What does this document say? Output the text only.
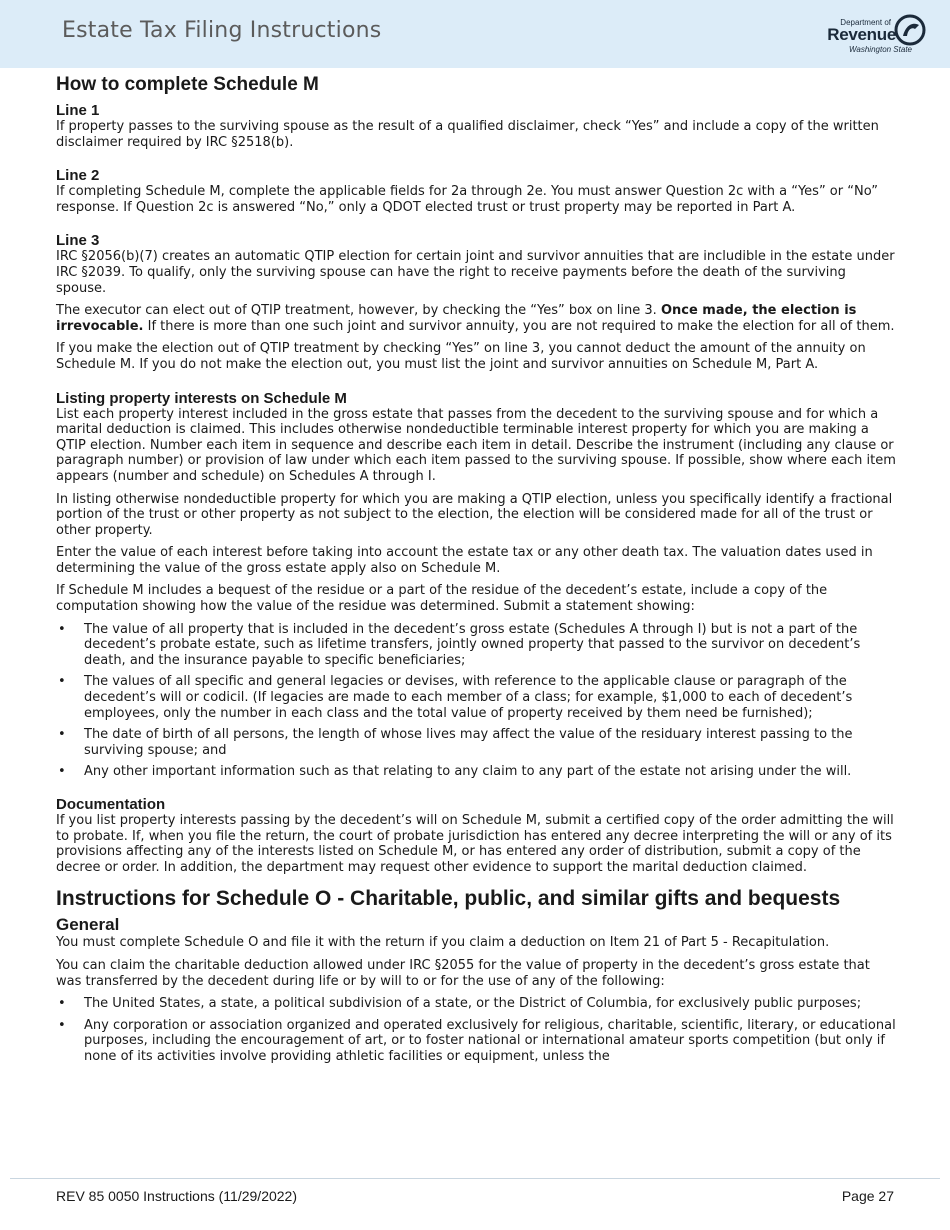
Estate Tax Filing Instructions	Department of
Revenue
Washington State
How to complete Schedule M
Line 1

If property passes to the surviving spouse as the result of a qualified disclaimer, check “Yes” and include a copy of the written disclaimer required by IRC §2518(b).

Line 2

If completing Schedule M, complete the applicable fields for 2a through 2e. You must answer Question 2c with a “Yes” or “No” response. If Question 2c is answered “No,” only a QDOT elected trust or trust property may be reported in Part A.

Line 3

IRC §2056(b)(7) creates an automatic QTIP election for certain joint and survivor annuities that are includible in the estate under IRC §2039. To qualify, only the surviving spouse can have the right to receive payments before the death of the surviving spouse.

The executor can elect out of QTIP treatment, however, by checking the “Yes” box on line 3. Once made, the election is irrevocable. If there is more than one such joint and survivor annuity, you are not required to make the election for all of them.

If you make the election out of QTIP treatment by checking “Yes” on line 3, you cannot deduct the amount of the annuity on Schedule M. If you do not make the election out, you must list the joint and survivor annuities on Schedule M, Part A.

Listing property interests on Schedule M

List each property interest included in the gross estate that passes from the decedent to the surviving spouse and for which a marital deduction is claimed. This includes otherwise nondeductible terminable interest property for which you are making a QTIP election. Number each item in sequence and describe each item in detail. Describe the instrument (including any clause or paragraph number) or provision of law under which each item passed to the surviving spouse. If possible, show where each item appears (number and schedule) on Schedules A through I.

In listing otherwise nondeductible property for which you are making a QTIP election, unless you specifically identify a fractional portion of the trust or other property as not subject to the election, the election will be considered made for all of the trust or other property.

Enter the value of each interest before taking into account the estate tax or any other death tax. The valuation dates used in determining the value of the gross estate apply also on Schedule M.

If Schedule M includes a bequest of the residue or a part of the residue of the decedent’s estate, include a copy of the computation showing how the value of the residue was determined. Submit a statement showing:

• The value of all property that is included in the decedent’s gross estate (Schedules A through I) but is not a part of the decedent’s probate estate, such as lifetime transfers, jointly owned property that passed to the survivor on decedent’s death, and the insurance payable to specific beneficiaries;
• The values of all specific and general legacies or devises, with reference to the applicable clause or paragraph of the decedent’s will or codicil. (If legacies are made to each member of a class; for example, $1,000 to each of decedent’s employees, only the number in each class and the total value of property received by them need be furnished);
• The date of birth of all persons, the length of whose lives may affect the value of the residuary interest passing to the surviving spouse; and
• Any other important information such as that relating to any claim to any part of the estate not arising under the will.
Documentation

If you list property interests passing by the decedent’s will on Schedule M, submit a certified copy of the order admitting the will to probate. If, when you file the return, the court of probate jurisdiction has entered any decree interpreting the will or any of its provisions affecting any of the interests listed on Schedule M, or has entered any order of distribution, submit a copy of the decree or order. In addition, the department may request other evidence to support the marital deduction claimed.

Instructions for Schedule O - Charitable, public, and similar gifts and bequests
General

You must complete Schedule O and file it with the return if you claim a deduction on Item 21 of Part 5 - Recapitulation.

You can claim the charitable deduction allowed under IRC §2055 for the value of property in the decedent’s gross estate that was transferred by the decedent during life or by will to or for the use of any of the following:

• The United States, a state, a political subdivision of a state, or the District of Columbia, for exclusively public purposes;
• Any corporation or association organized and operated exclusively for religious, charitable, scientific, literary, or educational purposes, including the encouragement of art, or to foster national or international amateur sports competition (but only if none of its activities involve providing athletic facilities or equipment, unless the
REV 85 0050 Instructions (11/29/2022)	Page 27
